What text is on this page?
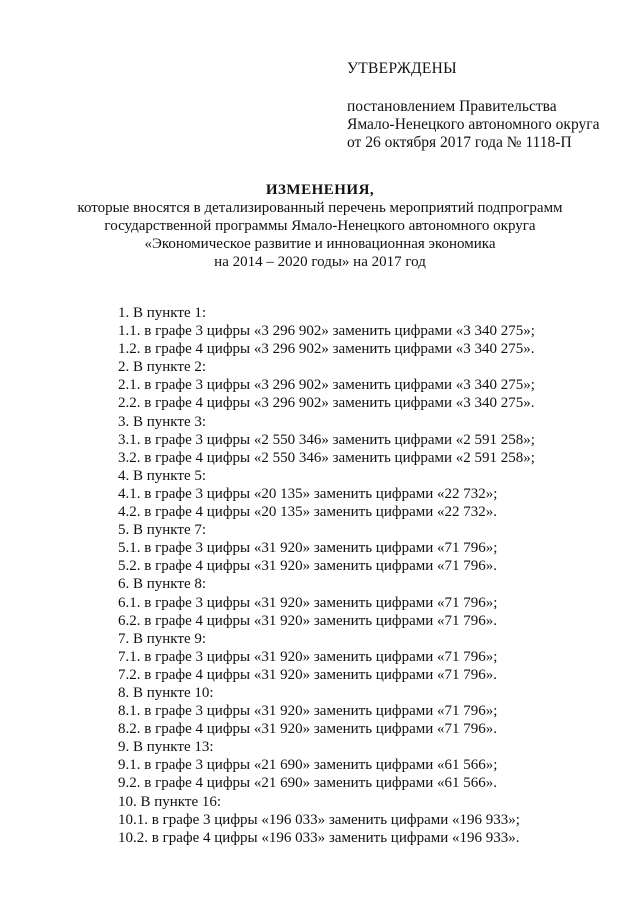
УТВЕРЖДЕНЫ
постановлением Правительства
Ямало-Ненецкого автономного округа
от 26 октября 2017 года № 1118-П
ИЗМЕНЕНИЯ,
которые вносятся в детализированный перечень мероприятий подпрограмм
государственной программы Ямало-Ненецкого автономного округа
«Экономическое развитие и инновационная экономика
на 2014 – 2020 годы» на 2017 год
1. В пункте 1:
1.1. в графе 3 цифры «3 296 902» заменить цифрами «3 340 275»;
1.2. в графе 4 цифры «3 296 902» заменить цифрами «3 340 275».
2. В пункте 2:
2.1. в графе 3 цифры «3 296 902» заменить цифрами «3 340 275»;
2.2. в графе 4 цифры «3 296 902» заменить цифрами «3 340 275».
3. В пункте 3:
3.1. в графе 3 цифры «2 550 346» заменить цифрами «2 591 258»;
3.2. в графе 4 цифры «2 550 346» заменить цифрами «2 591 258»;
4. В пункте 5:
4.1. в графе 3 цифры «20 135» заменить цифрами «22 732»;
4.2. в графе 4 цифры «20 135» заменить цифрами «22 732».
5. В пункте 7:
5.1. в графе 3 цифры «31 920» заменить цифрами «71 796»;
5.2. в графе 4 цифры «31 920» заменить цифрами «71 796».
6. В пункте 8:
6.1. в графе 3 цифры «31 920» заменить цифрами «71 796»;
6.2. в графе 4 цифры «31 920» заменить цифрами «71 796».
7. В пункте 9:
7.1. в графе 3 цифры «31 920» заменить цифрами «71 796»;
7.2. в графе 4 цифры «31 920» заменить цифрами «71 796».
8. В пункте 10:
8.1. в графе 3 цифры «31 920» заменить цифрами «71 796»;
8.2. в графе 4 цифры «31 920» заменить цифрами «71 796».
9. В пункте 13:
9.1. в графе 3 цифры «21 690» заменить цифрами «61 566»;
9.2. в графе 4 цифры «21 690» заменить цифрами «61 566».
10. В пункте 16:
10.1. в графе 3 цифры «196 033» заменить цифрами «196 933»;
10.2. в графе 4 цифры «196 033» заменить цифрами «196 933».
